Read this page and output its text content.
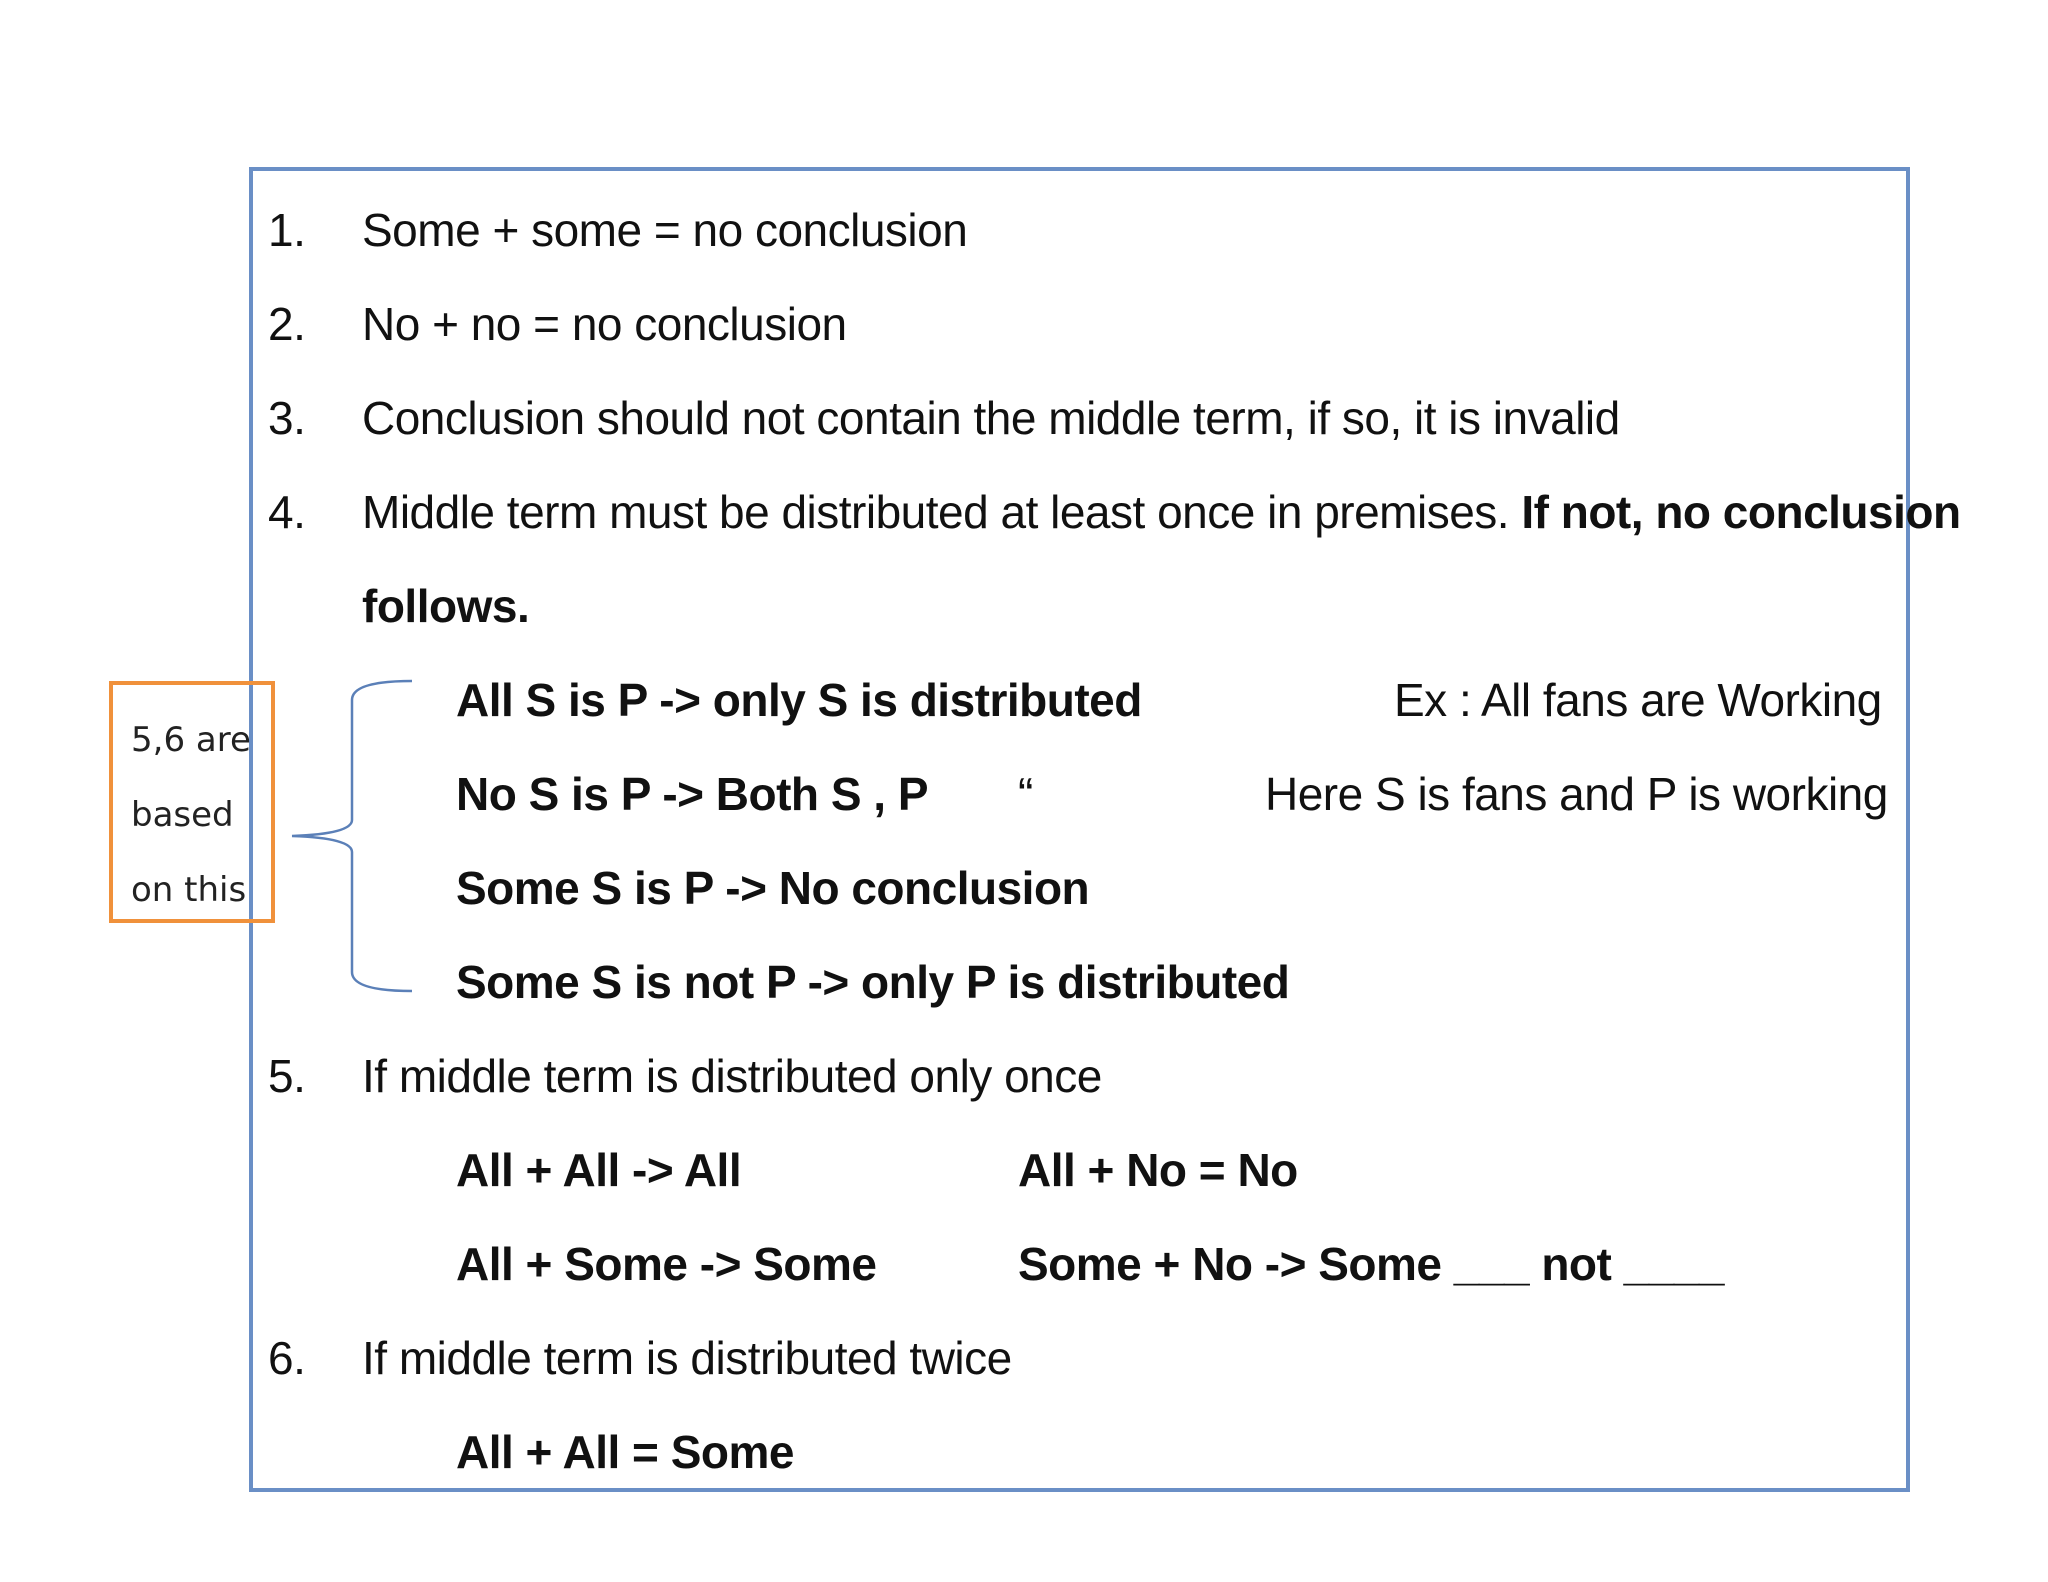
1. Some + some = no conclusion
2. No + no = no conclusion
3. Conclusion should not contain the middle term, if so, it is invalid
4. Middle term must be distributed at least once in premises. If not, no conclusion
follows.
All S is P -> only S is distributed	Ex : All fans are Working
No S is P -> Both S , P “	Here S is fans and P is working
Some S is P -> No conclusion
Some S is not P -> only P is distributed
5,6 are
based
on this
5. If middle term is distributed only once
All + All -> All	All + No = No
All + Some -> Some	Some + No -> Some ___ not ____
6. If middle term is distributed twice
All + All = Some
